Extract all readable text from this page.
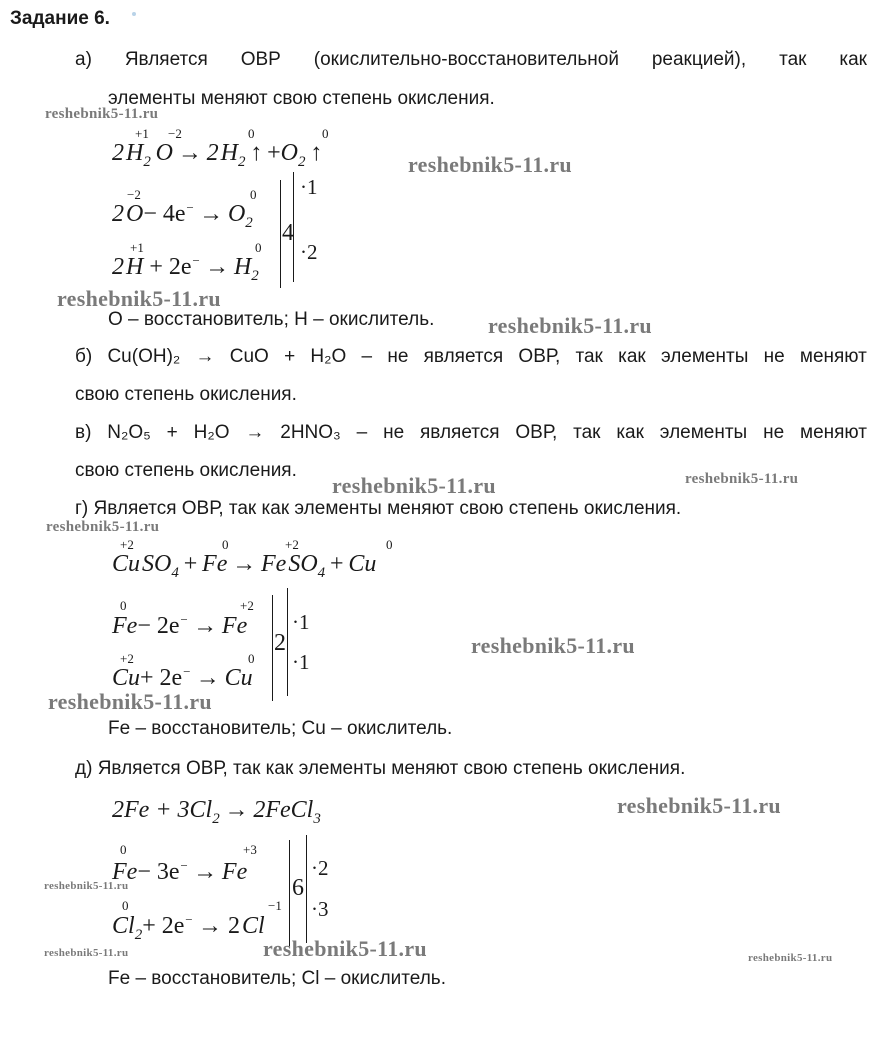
Задание 6.
а) Является ОВР (окислительно-восстановительной реакцией), так как
элементы меняют свою степень окисления.
2 $H_2$  O  →  2 $H_2$  ↑  $+O_2$  ↑
+1 −2	0	0
2 $O- 4e^- \to O_2$
−2	0
2 $H + 2e^- \to H_2$
+1	0
4
·1
·2
О – восстановитель; Н – окислитель.
б) Cu(OH)₂ → CuO + H₂O – не является ОВР, так как элементы не меняют
свою степень окисления.
в) N₂O₅ + H₂O → 2HNO₃ – не является ОВР, так как элементы не меняют
свою степень окисления.
г) Является ОВР, так как элементы меняют свою степень окисления.
Cu $SO_4 + Fe \to Fe$ $SO_4 + Cu$
+2	0	+2	0
Fe− 2e−  →  Fe
0	+2
Cu+ 2e−  →  Cu
+2	0
2
·1
·1
Fe – восстановитель; Cu – окислитель.
д) Является ОВР, так как элементы меняют свою степень окисления.
$2Fe + 3Cl_2$  →  2FeCl$_3$
Fe− 3e−  →  Fe
0	+3
$Cl_2+ 2e^- \to 2$ Cl
0	−1
6
·2
·3
Fe – восстановитель; Cl – окислитель.
reshebnik5-11.ru
reshebnik5-11.ru
reshebnik5-11.ru
reshebnik5-11.ru
reshebnik5-11.ru	reshebnik5-11.ru
reshebnik5-11.ru
reshebnik5-11.ru
reshebnik5-11.ru
reshebnik5-11.ru
reshebnik5-11.ru
reshebnik5-11.ru
reshebnik5-11.ru	reshebnik5-11.ru
